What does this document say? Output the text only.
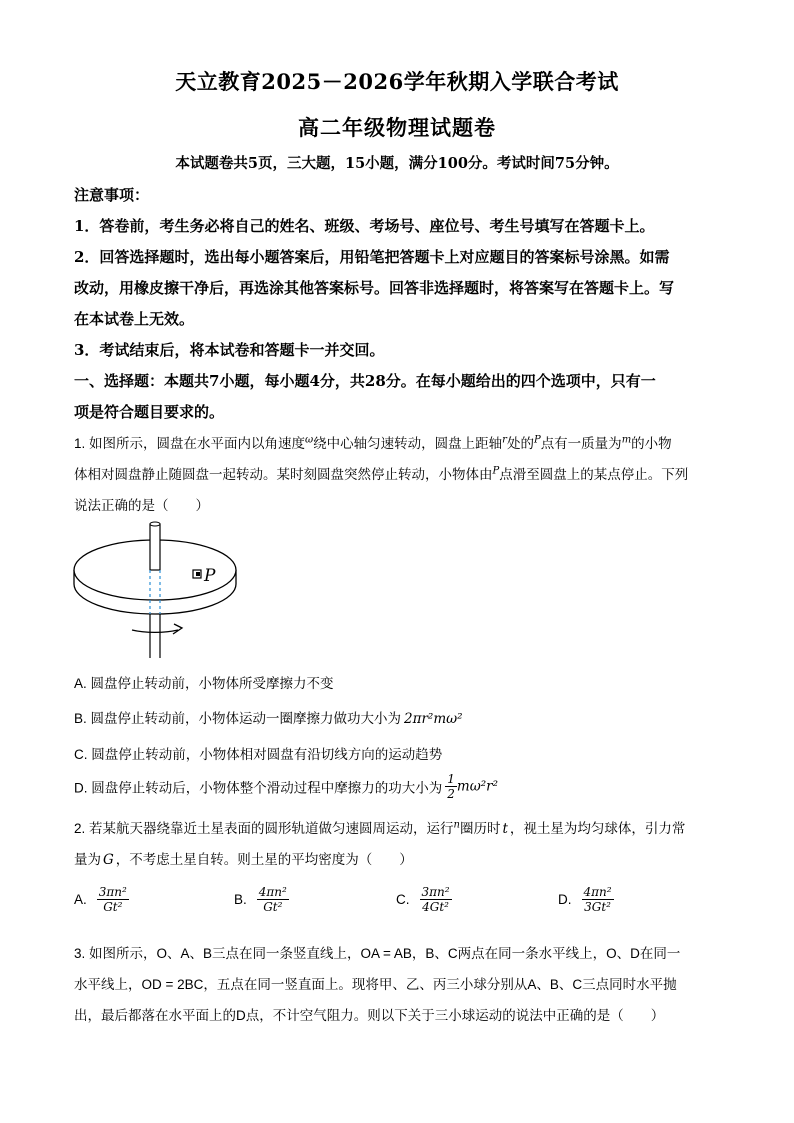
天立教育2025－2026学年秋期入学联合考试
高二年级物理试题卷
本试题卷共5页，三大题，15小题，满分100分。考试时间75分钟。
注意事项：
1．答卷前，考生务必将自己的姓名、班级、考场号、座位号、考生号填写在答题卡上。
2．回答选择题时，选出每小题答案后，用铅笔把答题卡上对应题目的答案标号涂黑。如需
改动，用橡皮擦干净后，再选涂其他答案标号。回答非选择题时，将答案写在答题卡上。写
在本试卷上无效。
3．考试结束后，将本试卷和答题卡一并交回。
一、选择题：本题共7小题，每小题4分，共28分。在每小题给出的四个选项中，只有一
项是符合题目要求的。
1. 如图所示，圆盘在水平面内以角速度$^\omega$绕中心轴匀速转动，圆盘上距轴$^r$处的$^P$点有一质量为$^m$的小物
体相对圆盘静止随圆盘一起转动。某时刻圆盘突然停止转动，小物体由$^P$点滑至圆盘上的某点停止。下列
说法正确的是（　　）
P
A. 圆盘停止转动前，小物体所受摩擦力不变
B. 圆盘停止转动前，小物体运动一圈摩擦力做功大小为 2πr²mω²
C. 圆盘停止转动前，小物体相对圆盘有沿切线方向的运动趋势
D. 圆盘停止转动后，小物体整个滑动过程中摩擦力的功大小为 $\frac{1}{2} m\omega^2r^2$
2. 若某航天器绕靠近土星表面的圆形轨道做匀速圆周运动，运行$^n$圈历时 t ，视土星为均匀球体，引力常
量为 G ，不考虑土星自转。则土星的平均密度为（　　）
A. $\frac{\text{3πn²}}{\text{Gt²}}$	B. $\frac{\text{4πn²}}{\text{Gt²}}$	C. $\frac{\text{3πn²}}{\text{4Gt²}}$	D. $\frac{\text{4πn²}}{\text{3Gt²}}$
3. 如图所示，O、A、B三点在同一条竖直线上，OA = AB，B、C两点在同一条水平线上，O、D在同一
水平线上，OD = 2BC，五点在同一竖直面上。现将甲、乙、丙三小球分别从A、B、C三点同时水平抛
出，最后都落在水平面上的D点，不计空气阻力。则以下关于三小球运动的说法中正确的是（　　）
